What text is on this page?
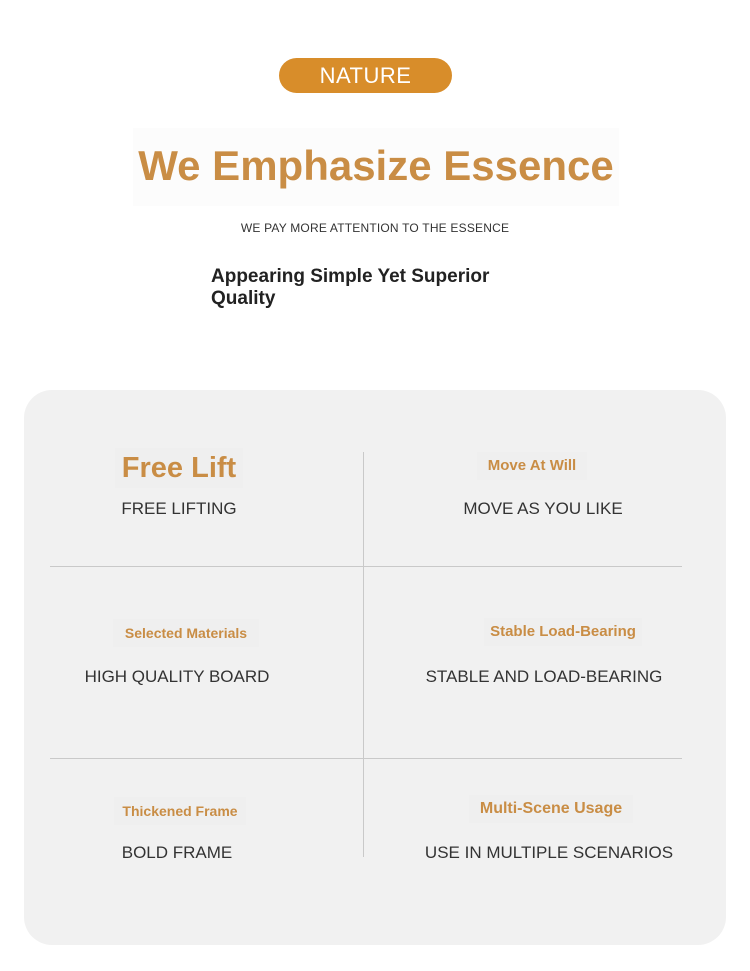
NATURE
We Emphasize Essence
WE PAY MORE ATTENTION TO THE ESSENCE
Appearing Simple Yet Superior Quality
Free Lift
FREE LIFTING
Move At Will
MOVE AS YOU LIKE
Selected Materials
HIGH QUALITY BOARD
Stable Load-Bearing
STABLE AND LOAD-BEARING
Thickened Frame
BOLD FRAME
Multi-Scene Usage
USE IN MULTIPLE SCENARIOS
